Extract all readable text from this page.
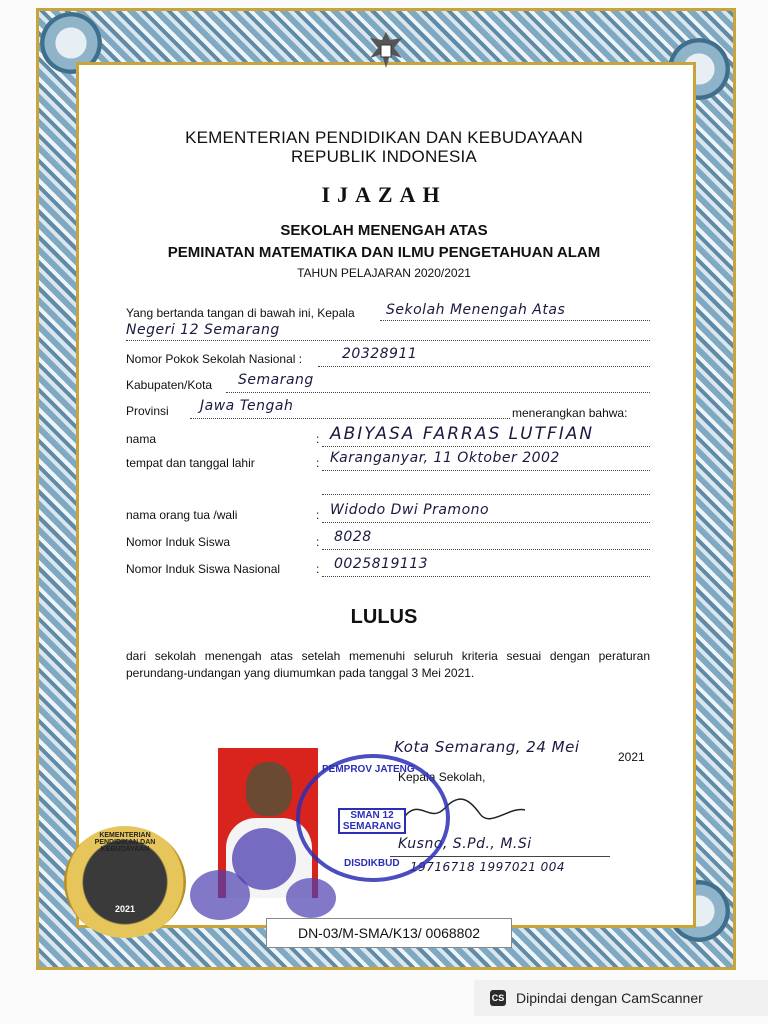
KEMENTERIAN PENDIDIKAN DAN KEBUDAYAAN
REPUBLIK INDONESIA
IJAZAH
SEKOLAH MENENGAH ATAS
PEMINATAN MATEMATIKA DAN ILMU PENGETAHUAN ALAM
TAHUN PELAJARAN 2020/2021
Yang bertanda tangan di bawah ini, Kepala Sekolah Menengah Atas
Negeri 12 Semarang
Nomor Pokok Sekolah Nasional :	20328911
Kabupaten/Kota Semarang
Provinsi Jawa Tengah	menerangkan bahwa:
nama	: ABIYASA FARRAS LUTFIAN
tempat dan tanggal lahir	: Karanganyar, 11 Oktober 2002
nama orang tua /wali	: Widodo Dwi Pramono
Nomor Induk Siswa	: 8028
Nomor Induk Siswa Nasional	: 0025819113
LULUS
dari sekolah menengah atas setelah memenuhi seluruh kriteria sesuai dengan peraturan perundang-undangan yang diumumkan pada tanggal 3 Mei 2021.
Kota Semarang, 24 Mei
2021
Kepala Sekolah,
Kusno, S.Pd., M.Si
19716718 1997021 004
PEMPROV JATENG
SMAN 12 SEMARANG
DISDIKBUD
KEMENTERIAN PENDIDIKAN DAN KEBUDAYAAN
2021
DN-03/M-SMA/K13/ 0068802
CS Dipindai dengan CamScanner
